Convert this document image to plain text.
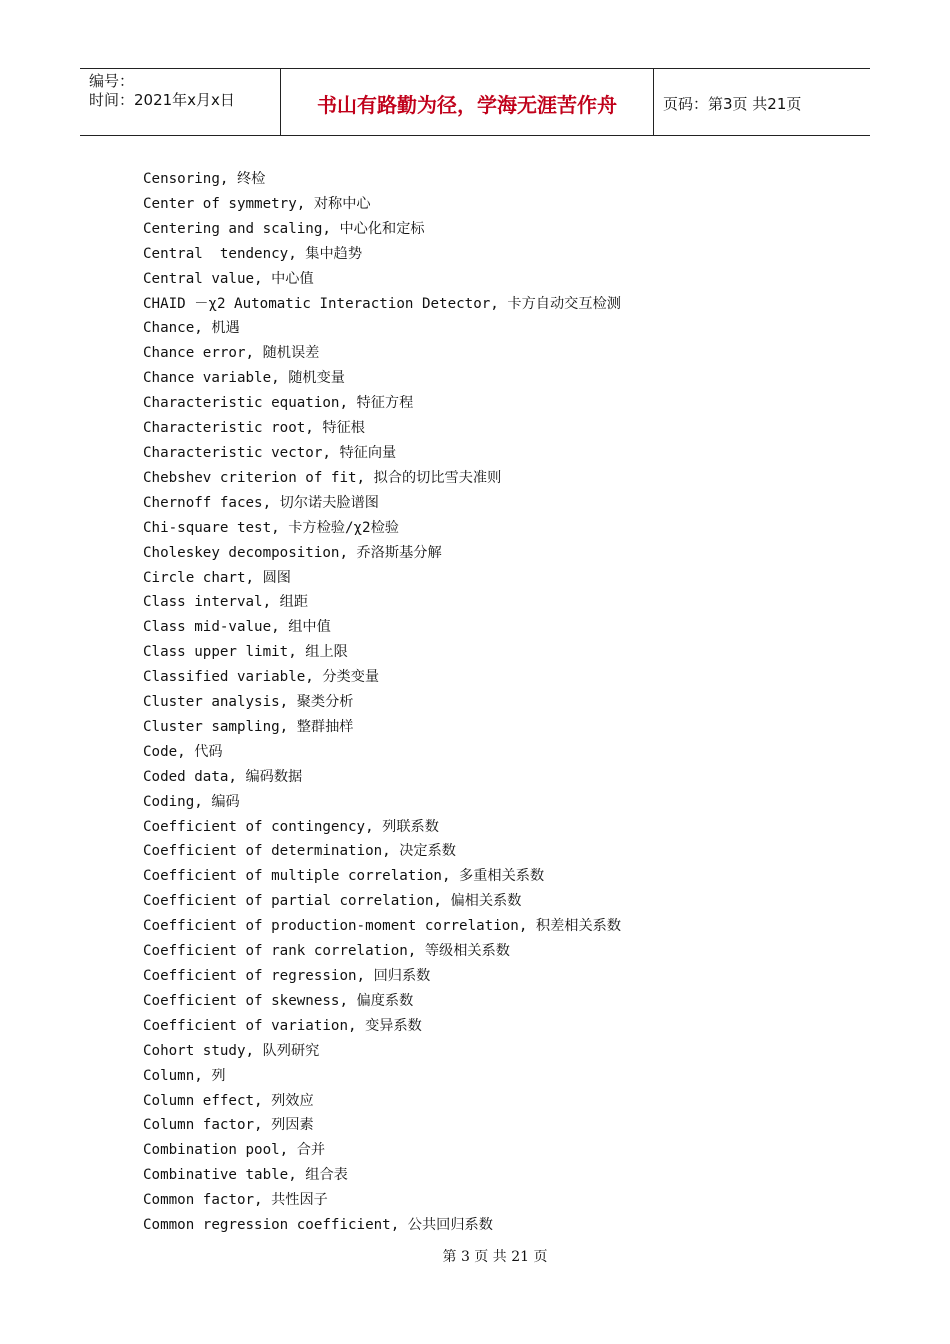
编号：
时间：2021年x月x日	书山有路勤为径，学海无涯苦作舟	页码：第3页 共21页
Censoring, 终检
Center of symmetry, 对称中心
Centering and scaling, 中心化和定标
Central  tendency, 集中趋势
Central value, 中心值
CHAID －χ2 Automatic Interaction Detector, 卡方自动交互检测
Chance, 机遇
Chance error, 随机误差
Chance variable, 随机变量
Characteristic equation, 特征方程
Characteristic root, 特征根
Characteristic vector, 特征向量
Chebshev criterion of fit, 拟合的切比雪夫准则
Chernoff faces, 切尔诺夫脸谱图
Chi-square test, 卡方检验/χ2检验
Choleskey decomposition, 乔洛斯基分解
Circle chart, 圆图
Class interval, 组距
Class mid-value, 组中值
Class upper limit, 组上限
Classified variable, 分类变量
Cluster analysis, 聚类分析
Cluster sampling, 整群抽样
Code, 代码
Coded data, 编码数据
Coding, 编码
Coefficient of contingency, 列联系数
Coefficient of determination, 决定系数
Coefficient of multiple correlation, 多重相关系数
Coefficient of partial correlation, 偏相关系数
Coefficient of production-moment correlation, 积差相关系数
Coefficient of rank correlation, 等级相关系数
Coefficient of regression, 回归系数
Coefficient of skewness, 偏度系数
Coefficient of variation, 变异系数
Cohort study, 队列研究
Column, 列
Column effect, 列效应
Column factor, 列因素
Combination pool, 合并
Combinative table, 组合表
Common factor, 共性因子
Common regression coefficient, 公共回归系数
第 3 页 共 21 页
